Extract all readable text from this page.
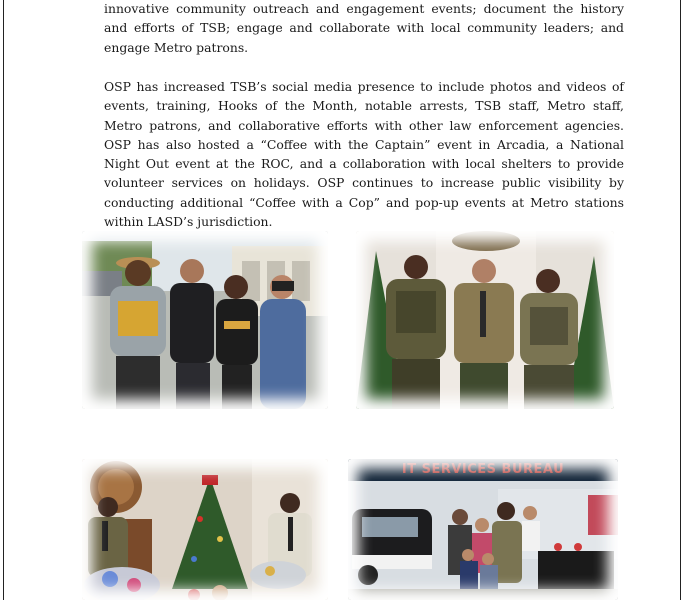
innovative community outreach and engagement events; document the history and efforts of TSB; engage and collaborate with local community leaders; and engage Metro patrons.

OSP has increased TSB’s social media presence to include photos and videos of events, training, Hooks of the Month, notable arrests, TSB staff, Metro staff, Metro patrons, and collaborative efforts with other law enforcement agencies. OSP has also hosted a “Coffee with the Captain” event in Arcadia, a National Night Out event at the ROC, and a collaboration with local shelters to provide volunteer services on holidays. OSP continues to increase public visibility by conducting additional “Coffee with a Cop” and pop-up events at Metro stations within LASD’s jurisdiction.

IT SERVICES BUREAU
